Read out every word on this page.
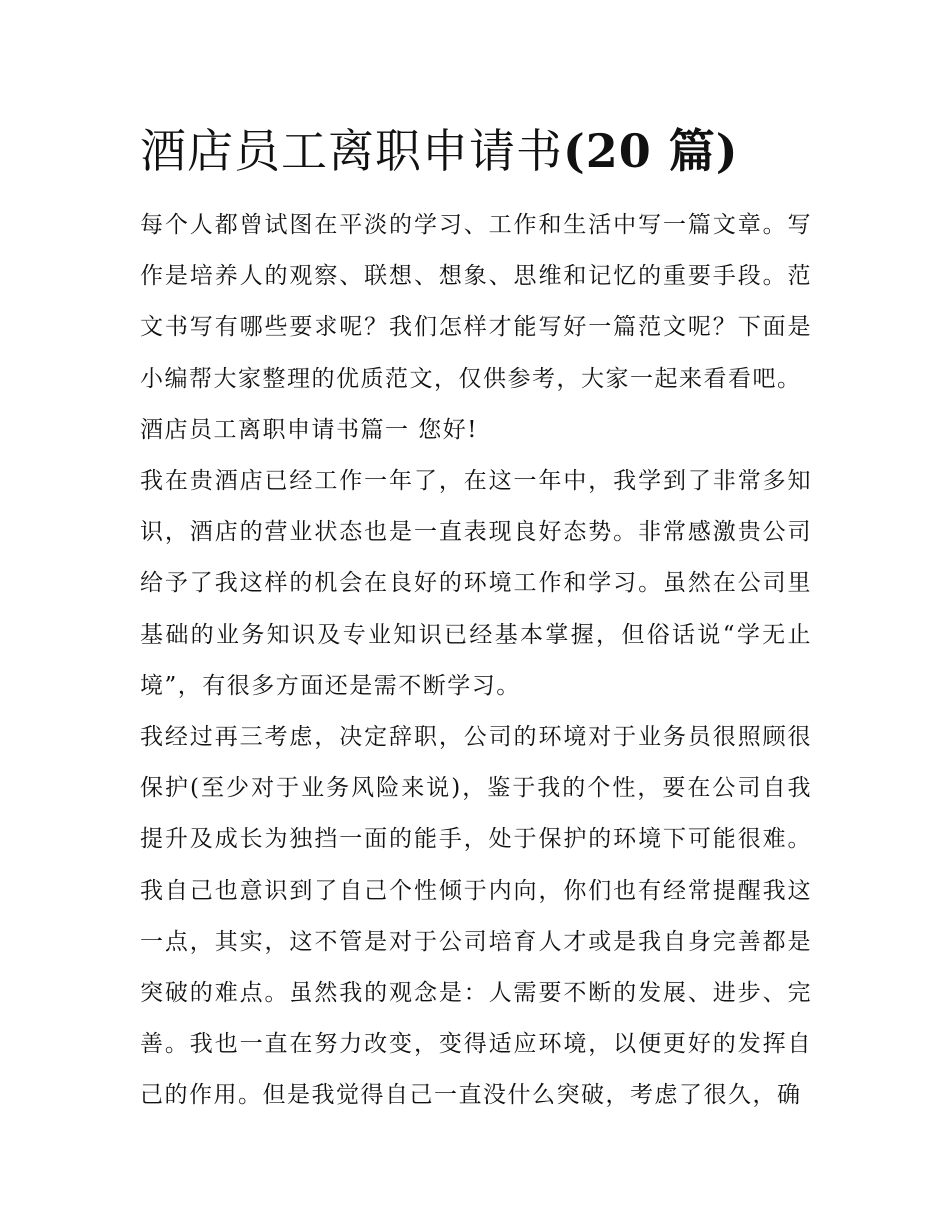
酒店员工离职申请书(20 篇)

每个人都曾试图在平淡的学习、工作和生活中写一篇文章。写作是培养人的观察、联想、想象、思维和记忆的重要手段。范文书写有哪些要求呢？我们怎样才能写好一篇范文呢？下面是小编帮大家整理的优质范文，仅供参考，大家一起来看看吧。

酒店员工离职申请书篇一 您好!

我在贵酒店已经工作一年了，在这一年中，我学到了非常多知识，酒店的营业状态也是一直表现良好态势。非常感激贵公司给予了我这样的机会在良好的环境工作和学习。虽然在公司里基础的业务知识及专业知识已经基本掌握，但俗话说“学无止境”，有很多方面还是需不断学习。

我经过再三考虑，决定辞职，公司的环境对于业务员很照顾很保护(至少对于业务风险来说)，鉴于我的个性，要在公司自我提升及成长为独挡一面的能手，处于保护的环境下可能很难。我自己也意识到了自己个性倾于内向，你们也有经常提醒我这一点，其实，这不管是对于公司培育人才或是我自身完善都是突破的难点。虽然我的观念是：人需要不断的发展、进步、完善。我也一直在努力改变，变得适应环境，以便更好的发挥自己的作用。但是我觉得自己一直没什么突破，考虑了很久，确
